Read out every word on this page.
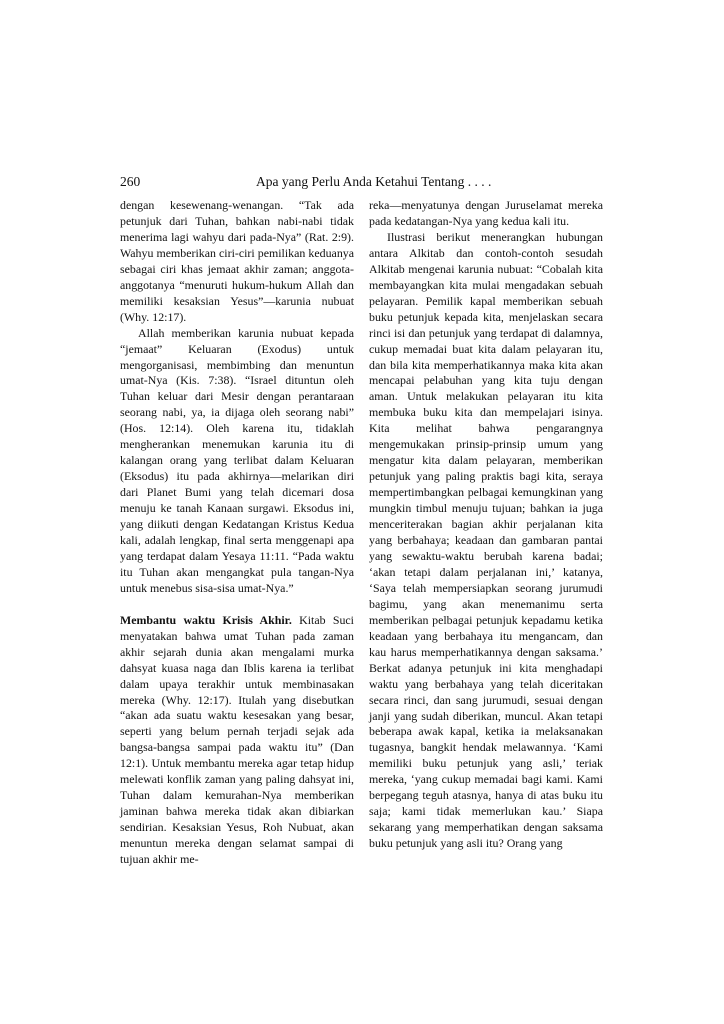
260	Apa yang Perlu Anda Ketahui Tentang . . . .

dengan kesewenang-wenangan. “Tak ada petunjuk dari Tuhan, bahkan nabi-nabi tidak menerima lagi wahyu dari pada-Nya” (Rat. 2:9). Wahyu memberikan ciri-ciri pemilikan keduanya sebagai ciri khas jemaat akhir zaman; anggota-anggotanya “menuruti hukum-hukum Allah dan memiliki kesaksian Yesus”—karunia nubuat (Why. 12:17).

Allah memberikan karunia nubuat kepada “jemaat” Keluaran (Exodus) untuk mengorganisasi, membimbing dan menuntun umat-Nya (Kis. 7:38). “Israel dituntun oleh Tuhan keluar dari Mesir dengan perantaraan seorang nabi, ya, ia dijaga oleh seorang nabi” (Hos. 12:14). Oleh karena itu, tidaklah mengherankan menemukan karunia itu di kalangan orang yang terlibat dalam Keluaran (Eksodus) itu pada akhirnya—melarikan diri dari Planet Bumi yang telah dicemari dosa menuju ke tanah Kanaan surgawi. Eksodus ini, yang diikuti dengan Kedatangan Kristus Kedua kali, adalah lengkap, final serta menggenapi apa yang terdapat dalam Yesaya 11:11. “Pada waktu itu Tuhan akan mengangkat pula tangan-Nya untuk menebus sisa-sisa umat-Nya.”

Membantu waktu Krisis Akhir. Kitab Suci menyatakan bahwa umat Tuhan pada zaman akhir sejarah dunia akan mengalami murka dahsyat kuasa naga dan Iblis karena ia terlibat dalam upaya terakhir untuk membinasakan mereka (Why. 12:17). Itulah yang disebutkan “akan ada suatu waktu kesesakan yang besar, seperti yang belum pernah terjadi sejak ada bangsa-bangsa sampai pada waktu itu” (Dan 12:1). Untuk membantu mereka agar tetap hidup melewati konflik zaman yang paling dahsyat ini, Tuhan dalam kemurahan-Nya memberikan jaminan bahwa mereka tidak akan dibiarkan sendirian. Kesaksian Yesus, Roh Nubuat, akan menuntun mereka dengan selamat sampai di tujuan akhir me-

reka—menyatunya dengan Juruselamat mereka pada kedatangan-Nya yang kedua kali itu.

Ilustrasi berikut menerangkan hubungan antara Alkitab dan contoh-contoh sesudah Alkitab mengenai karunia nubuat: “Cobalah kita membayangkan kita mulai mengadakan sebuah pelayaran. Pemilik kapal memberikan sebuah buku petunjuk kepada kita, menjelaskan secara rinci isi dan petunjuk yang terdapat di dalamnya, cukup memadai buat kita dalam pelayaran itu, dan bila kita memperhatikannya maka kita akan mencapai pelabuhan yang kita tuju dengan aman. Untuk melakukan pelayaran itu kita membuka buku kita dan mempelajari isinya. Kita melihat bahwa pengarangnya mengemukakan prinsip-prinsip umum yang mengatur kita dalam pelayaran, memberikan petunjuk yang paling praktis bagi kita, seraya mempertimbangkan pelbagai kemungkinan yang mungkin timbul menuju tujuan; bahkan ia juga menceriterakan bagian akhir perjalanan kita yang berbahaya; keadaan dan gambaran pantai yang sewaktu-waktu berubah karena badai; ‘akan tetapi dalam perjalanan ini,’ katanya, ‘Saya telah mempersiapkan seorang jurumudi bagimu, yang akan menemanimu serta memberikan pelbagai petunjuk kepadamu ketika keadaan yang berbahaya itu mengancam, dan kau harus memperhatikannya dengan saksama.’ Berkat adanya petunjuk ini kita menghadapi waktu yang berbahaya yang telah diceritakan secara rinci, dan sang jurumudi, sesuai dengan janji yang sudah diberikan, muncul. Akan tetapi beberapa awak kapal, ketika ia melaksanakan tugasnya, bangkit hendak melawannya. ‘Kami memiliki buku petunjuk yang asli,’ teriak mereka, ‘yang cukup memadai bagi kami. Kami berpegang teguh atasnya, hanya di atas buku itu saja; kami tidak memerlukan kau.’ Siapa sekarang yang memperhatikan dengan saksama buku petunjuk yang asli itu? Orang yang
